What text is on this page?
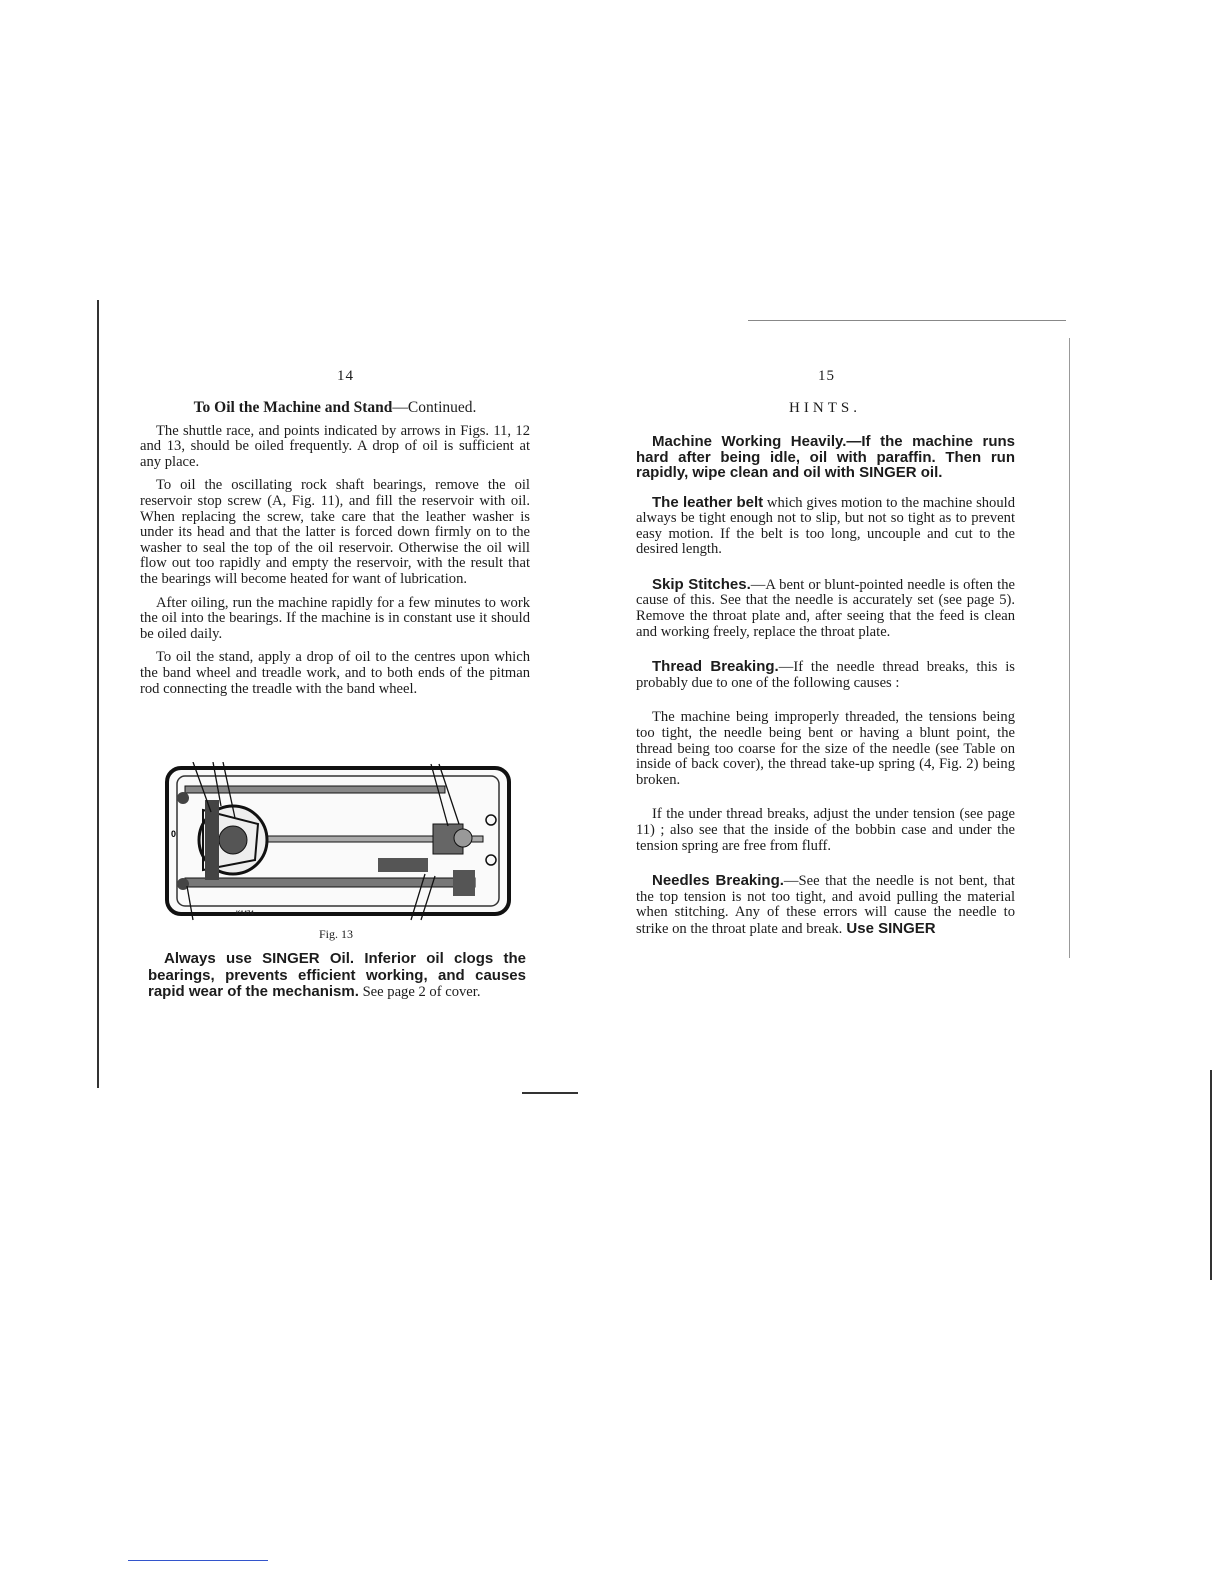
14
To Oil the Machine and Stand—Continued.

The shuttle race, and points indicated by arrows in Figs. 11, 12 and 13, should be oiled frequently. A drop of oil is sufficient at any place.

To oil the oscillating rock shaft bearings, remove the oil reservoir stop screw (A, Fig. 11), and fill the reservoir with oil. When replacing the screw, take care that the leather washer is under its head and that the latter is forced down firmly on to the washer to seal the top of the oil reservoir. Otherwise the oil will flow out too rapidly and empty the reservoir, with the result that the bearings will become heated for want of lubrication.

After oiling, run the machine rapidly for a few minutes to work the oil into the bearings. If the machine is in constant use it should be oiled daily.

To oil the stand, apply a drop of oil to the centres upon which the band wheel and treadle work, and to both ends of the pitman rod connecting the treadle with the band wheel.

0
K1474
Fig. 13
Always use SINGER Oil. Inferior oil clogs the bearings, prevents efficient working, and causes rapid wear of the mechanism. See page 2 of cover.
15
HINTS.
Machine Working Heavily.—If the machine runs hard after being idle, oil with paraffin. Then run rapidly, wipe clean and oil with SINGER oil.

The leather belt which gives motion to the machine should always be tight enough not to slip, but not so tight as to prevent easy motion. If the belt is too long, uncouple and cut to the desired length.

Skip Stitches.—A bent or blunt-pointed needle is often the cause of this. See that the needle is accurately set (see page 5). Remove the throat plate and, after seeing that the feed is clean and working freely, replace the throat plate.

Thread Breaking.—If the needle thread breaks, this is probably due to one of the following causes :

The machine being improperly threaded, the tensions being too tight, the needle being bent or having a blunt point, the thread being too coarse for the size of the needle (see Table on inside of back cover), the thread take-up spring (4, Fig. 2) being broken.

If the under thread breaks, adjust the under tension (see page 11) ; also see that the inside of the bobbin case and under the tension spring are free from fluff.

Needles Breaking.—See that the needle is not bent, that the top tension is not too tight, and avoid pulling the material when stitching. Any of these errors will cause the needle to strike on the throat plate and break. Use SINGER
